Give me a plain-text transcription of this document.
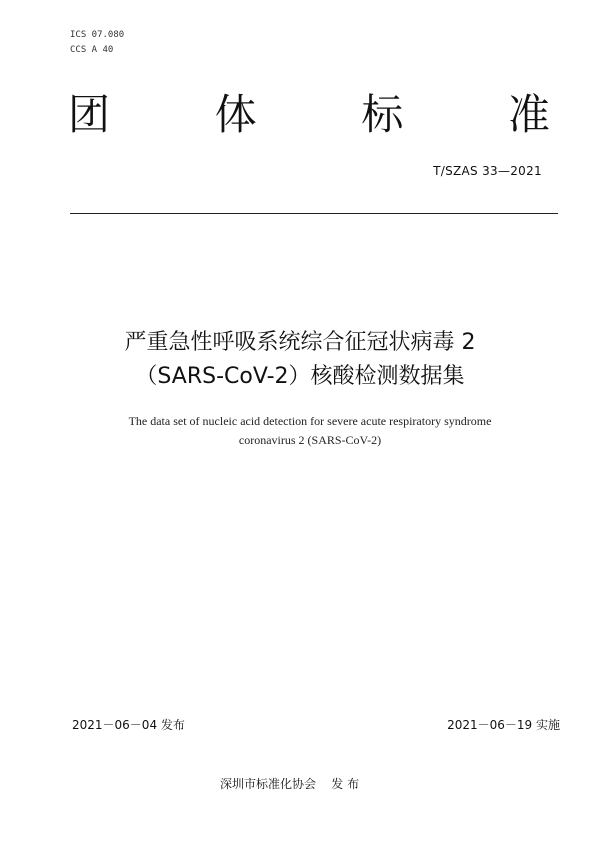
ICS 07.080
CCS A 40
团 体 标 准
T/SZAS 33—2021
严重急性呼吸系统综合征冠状病毒 2
（SARS-CoV-2）核酸检测数据集
The data set of nucleic acid detection for severe acute respiratory syndrome
coronavirus 2 (SARS-CoV-2)
2021－06－04 发布	2021－06－19 实施
深圳市标准化协会    发 布
